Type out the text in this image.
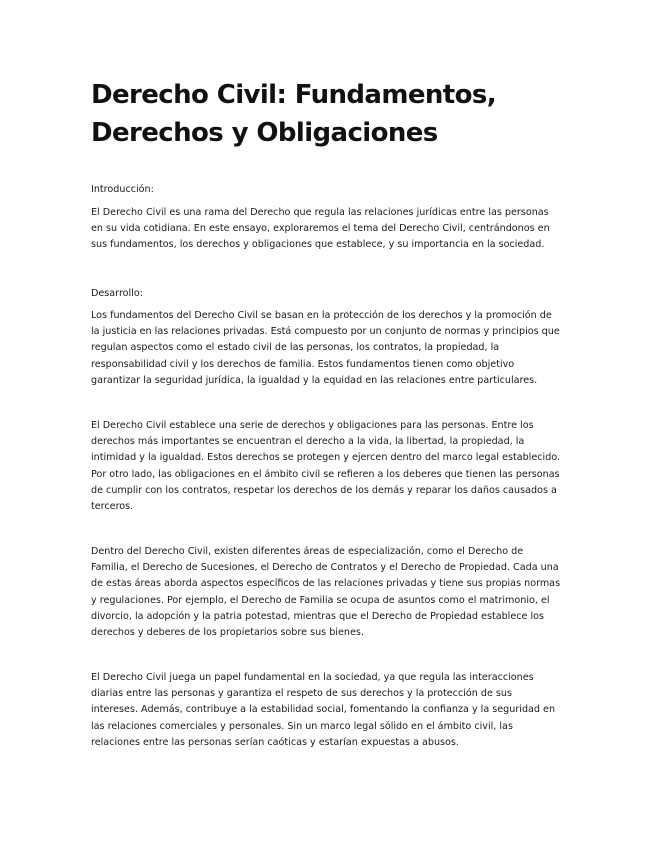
Derecho Civil: Fundamentos, Derechos y Obligaciones

Introducción:

El Derecho Civil es una rama del Derecho que regula las relaciones jurídicas entre las personas en su vida cotidiana. En este ensayo, exploraremos el tema del Derecho Civil, centrándonos en sus fundamentos, los derechos y obligaciones que establece, y su importancia en la sociedad.

Desarrollo:

Los fundamentos del Derecho Civil se basan en la protección de los derechos y la promoción de la justicia en las relaciones privadas. Está compuesto por un conjunto de normas y principios que regulan aspectos como el estado civil de las personas, los contratos, la propiedad, la responsabilidad civil y los derechos de familia. Estos fundamentos tienen como objetivo garantizar la seguridad jurídica, la igualdad y la equidad en las relaciones entre particulares.

El Derecho Civil establece una serie de derechos y obligaciones para las personas. Entre los derechos más importantes se encuentran el derecho a la vida, la libertad, la propiedad, la intimidad y la igualdad. Estos derechos se protegen y ejercen dentro del marco legal establecido. Por otro lado, las obligaciones en el ámbito civil se refieren a los deberes que tienen las personas de cumplir con los contratos, respetar los derechos de los demás y reparar los daños causados a terceros.

Dentro del Derecho Civil, existen diferentes áreas de especialización, como el Derecho de Familia, el Derecho de Sucesiones, el Derecho de Contratos y el Derecho de Propiedad. Cada una de estas áreas aborda aspectos específicos de las relaciones privadas y tiene sus propias normas y regulaciones. Por ejemplo, el Derecho de Familia se ocupa de asuntos como el matrimonio, el divorcio, la adopción y la patria potestad, mientras que el Derecho de Propiedad establece los derechos y deberes de los propietarios sobre sus bienes.

El Derecho Civil juega un papel fundamental en la sociedad, ya que regula las interacciones diarias entre las personas y garantiza el respeto de sus derechos y la protección de sus intereses. Además, contribuye a la estabilidad social, fomentando la confianza y la seguridad en las relaciones comerciales y personales. Sin un marco legal sólido en el ámbito civil, las relaciones entre las personas serían caóticas y estarían expuestas a abusos.
